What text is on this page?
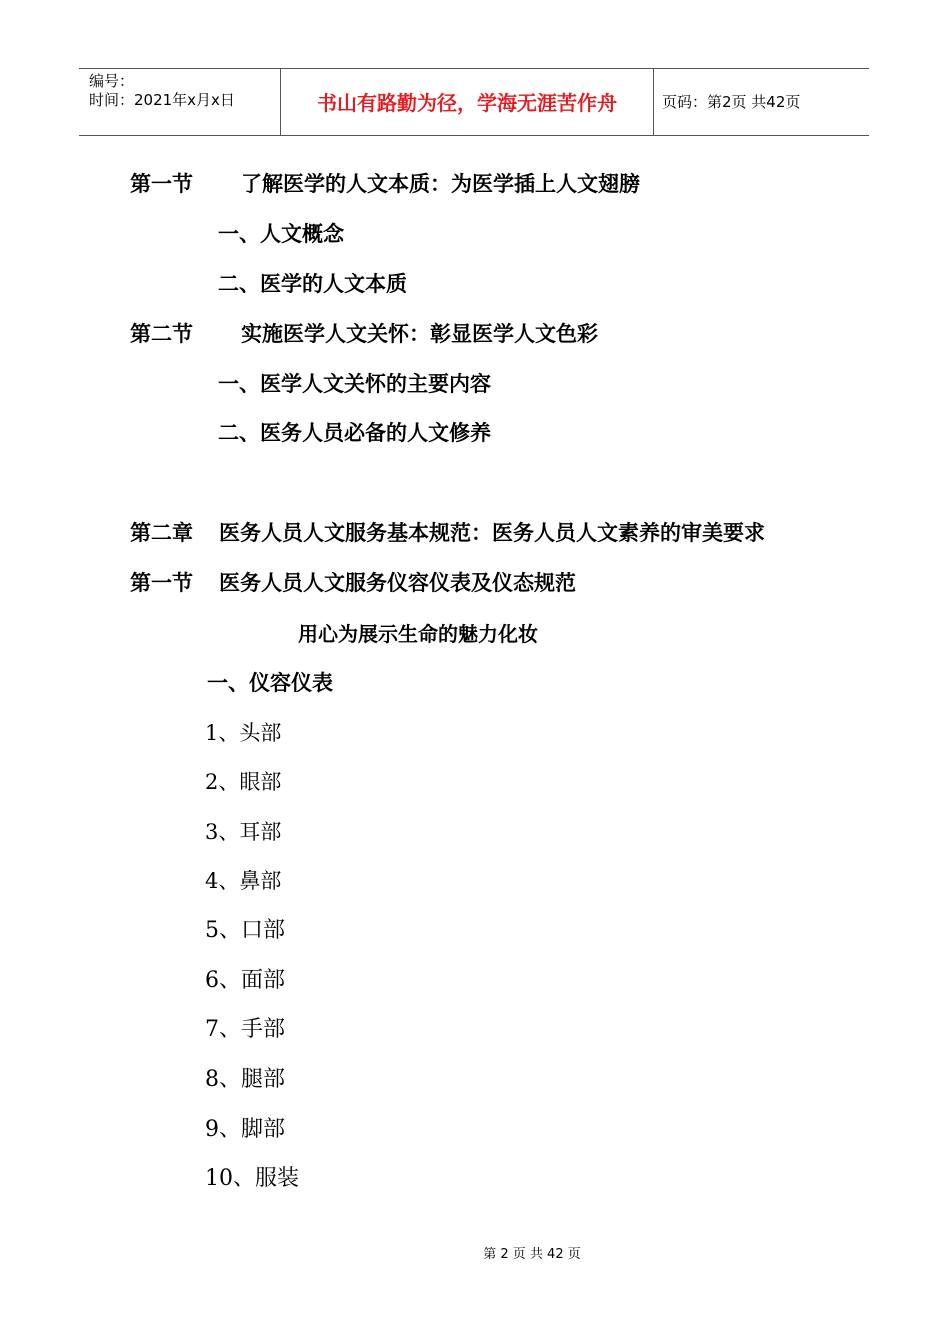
编号：
时间：2021年x月x日	书山有路勤为径，学海无涯苦作舟	页码：第2页 共42页
第一节 了解医学的人文本质：为医学插上人文翅膀
一、人文概念
二、医学的人文本质
第二节 实施医学人文关怀：彰显医学人文色彩
一、医学人文关怀的主要内容
二、医务人员必备的人文修养
第二章 医务人员人文服务基本规范：医务人员人文素养的审美要求
第一节 医务人员人文服务仪容仪表及仪态规范
用心为展示生命的魅力化妆
一、仪容仪表
1、头部
2、眼部
3、耳部
4、鼻部
5、口部
6、面部
7、手部
8、腿部
9、脚部
10、服装
第 2 页 共 42 页
